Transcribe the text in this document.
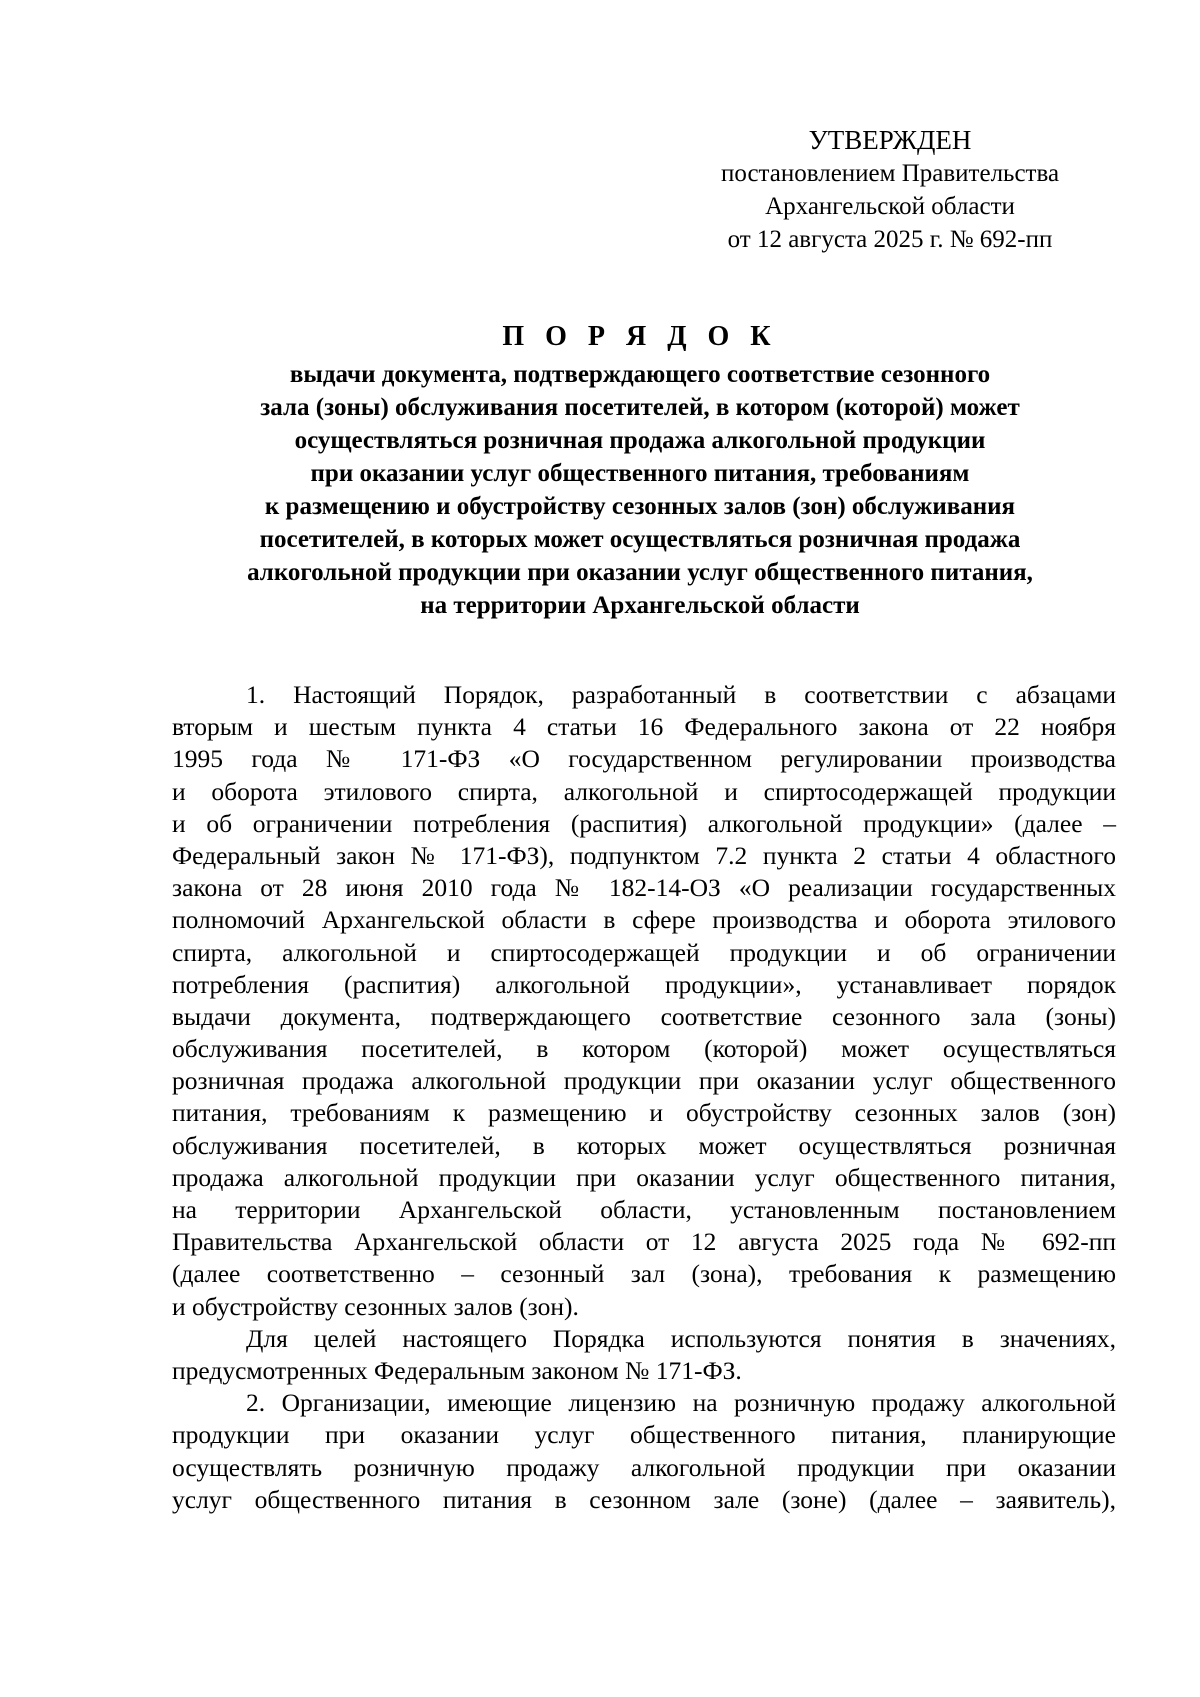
УТВЕРЖДЕН
постановлением Правительства
Архангельской области
от 12 августа 2025 г. № 692-пп
П О Р Я Д О К
выдачи документа, подтверждающего соответствие сезонного
зала (зоны) обслуживания посетителей, в котором (которой) может
осуществляться розничная продажа алкогольной продукции
при оказании услуг общественного питания, требованиям
к размещению и обустройству сезонных залов (зон) обслуживания
посетителей, в которых может осуществляться розничная продажа
алкогольной продукции при оказании услуг общественного питания,
на территории Архангельской области
1. Настоящий Порядок, разработанный в соответствии с абзацами
вторым и шестым пункта 4 статьи 16 Федерального закона от 22 ноября
1995 года № 171-ФЗ «О государственном регулировании производства
и оборота этилового спирта, алкогольной и спиртосодержащей продукции
и об ограничении потребления (распития) алкогольной продукции» (далее –
Федеральный закон № 171-ФЗ), подпунктом 7.2 пункта 2 статьи 4 областного
закона от 28 июня 2010 года № 182-14-ОЗ «О реализации государственных
полномочий Архангельской области в сфере производства и оборота этилового
спирта, алкогольной и спиртосодержащей продукции и об ограничении
потребления (распития) алкогольной продукции», устанавливает порядок
выдачи документа, подтверждающего соответствие сезонного зала (зоны)
обслуживания посетителей, в котором (которой) может осуществляться
розничная продажа алкогольной продукции при оказании услуг общественного
питания, требованиям к размещению и обустройству сезонных залов (зон)
обслуживания посетителей, в которых может осуществляться розничная
продажа алкогольной продукции при оказании услуг общественного питания,
на территории Архангельской области, установленным постановлением
Правительства Архангельской области от 12 августа 2025 года № 692-пп
(далее соответственно – сезонный зал (зона), требования к размещению
и обустройству сезонных залов (зон).
Для целей настоящего Порядка используются понятия в значениях,
предусмотренных Федеральным законом № 171-ФЗ.
2. Организации, имеющие лицензию на розничную продажу алкогольной
продукции при оказании услуг общественного питания, планирующие
осуществлять розничную продажу алкогольной продукции при оказании
услуг общественного питания в сезонном зале (зоне) (далее – заявитель),
